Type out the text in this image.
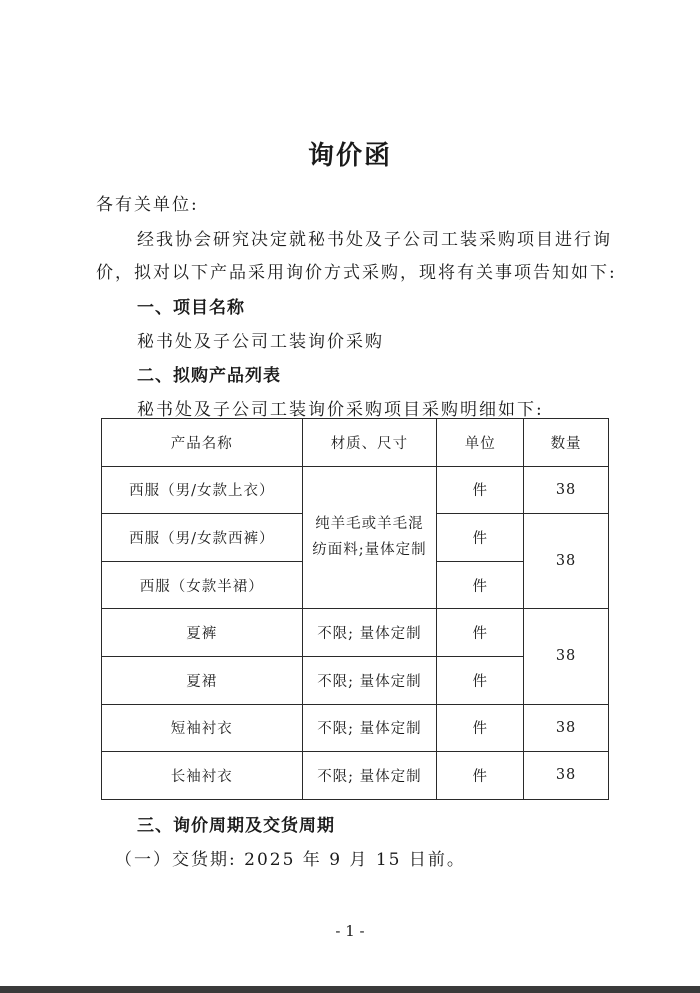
询价函
各有关单位:
经我协会研究决定就秘书处及子公司工装采购项目进行询
价，拟对以下产品采用询价方式采购，现将有关事项告知如下:
一、项目名称
秘书处及子公司工装询价采购
二、拟购产品列表
秘书处及子公司工装询价采购项目采购明细如下:
产品名称	材质、尺寸	单位	数量
西服（男/女款上衣）	纯羊毛或羊毛混纺面料;量体定制	件	38
西服（男/女款西裤）		件	38
西服（女款半裙）		件	
夏裤	不限; 量体定制	件	38
夏裙	不限; 量体定制	件	
短袖衬衣	不限; 量体定制	件	38
长袖衬衣	不限; 量体定制	件	38
三、询价周期及交货周期
（一）交货期: 2025 年 9 月 15 日前。
- 1 -
